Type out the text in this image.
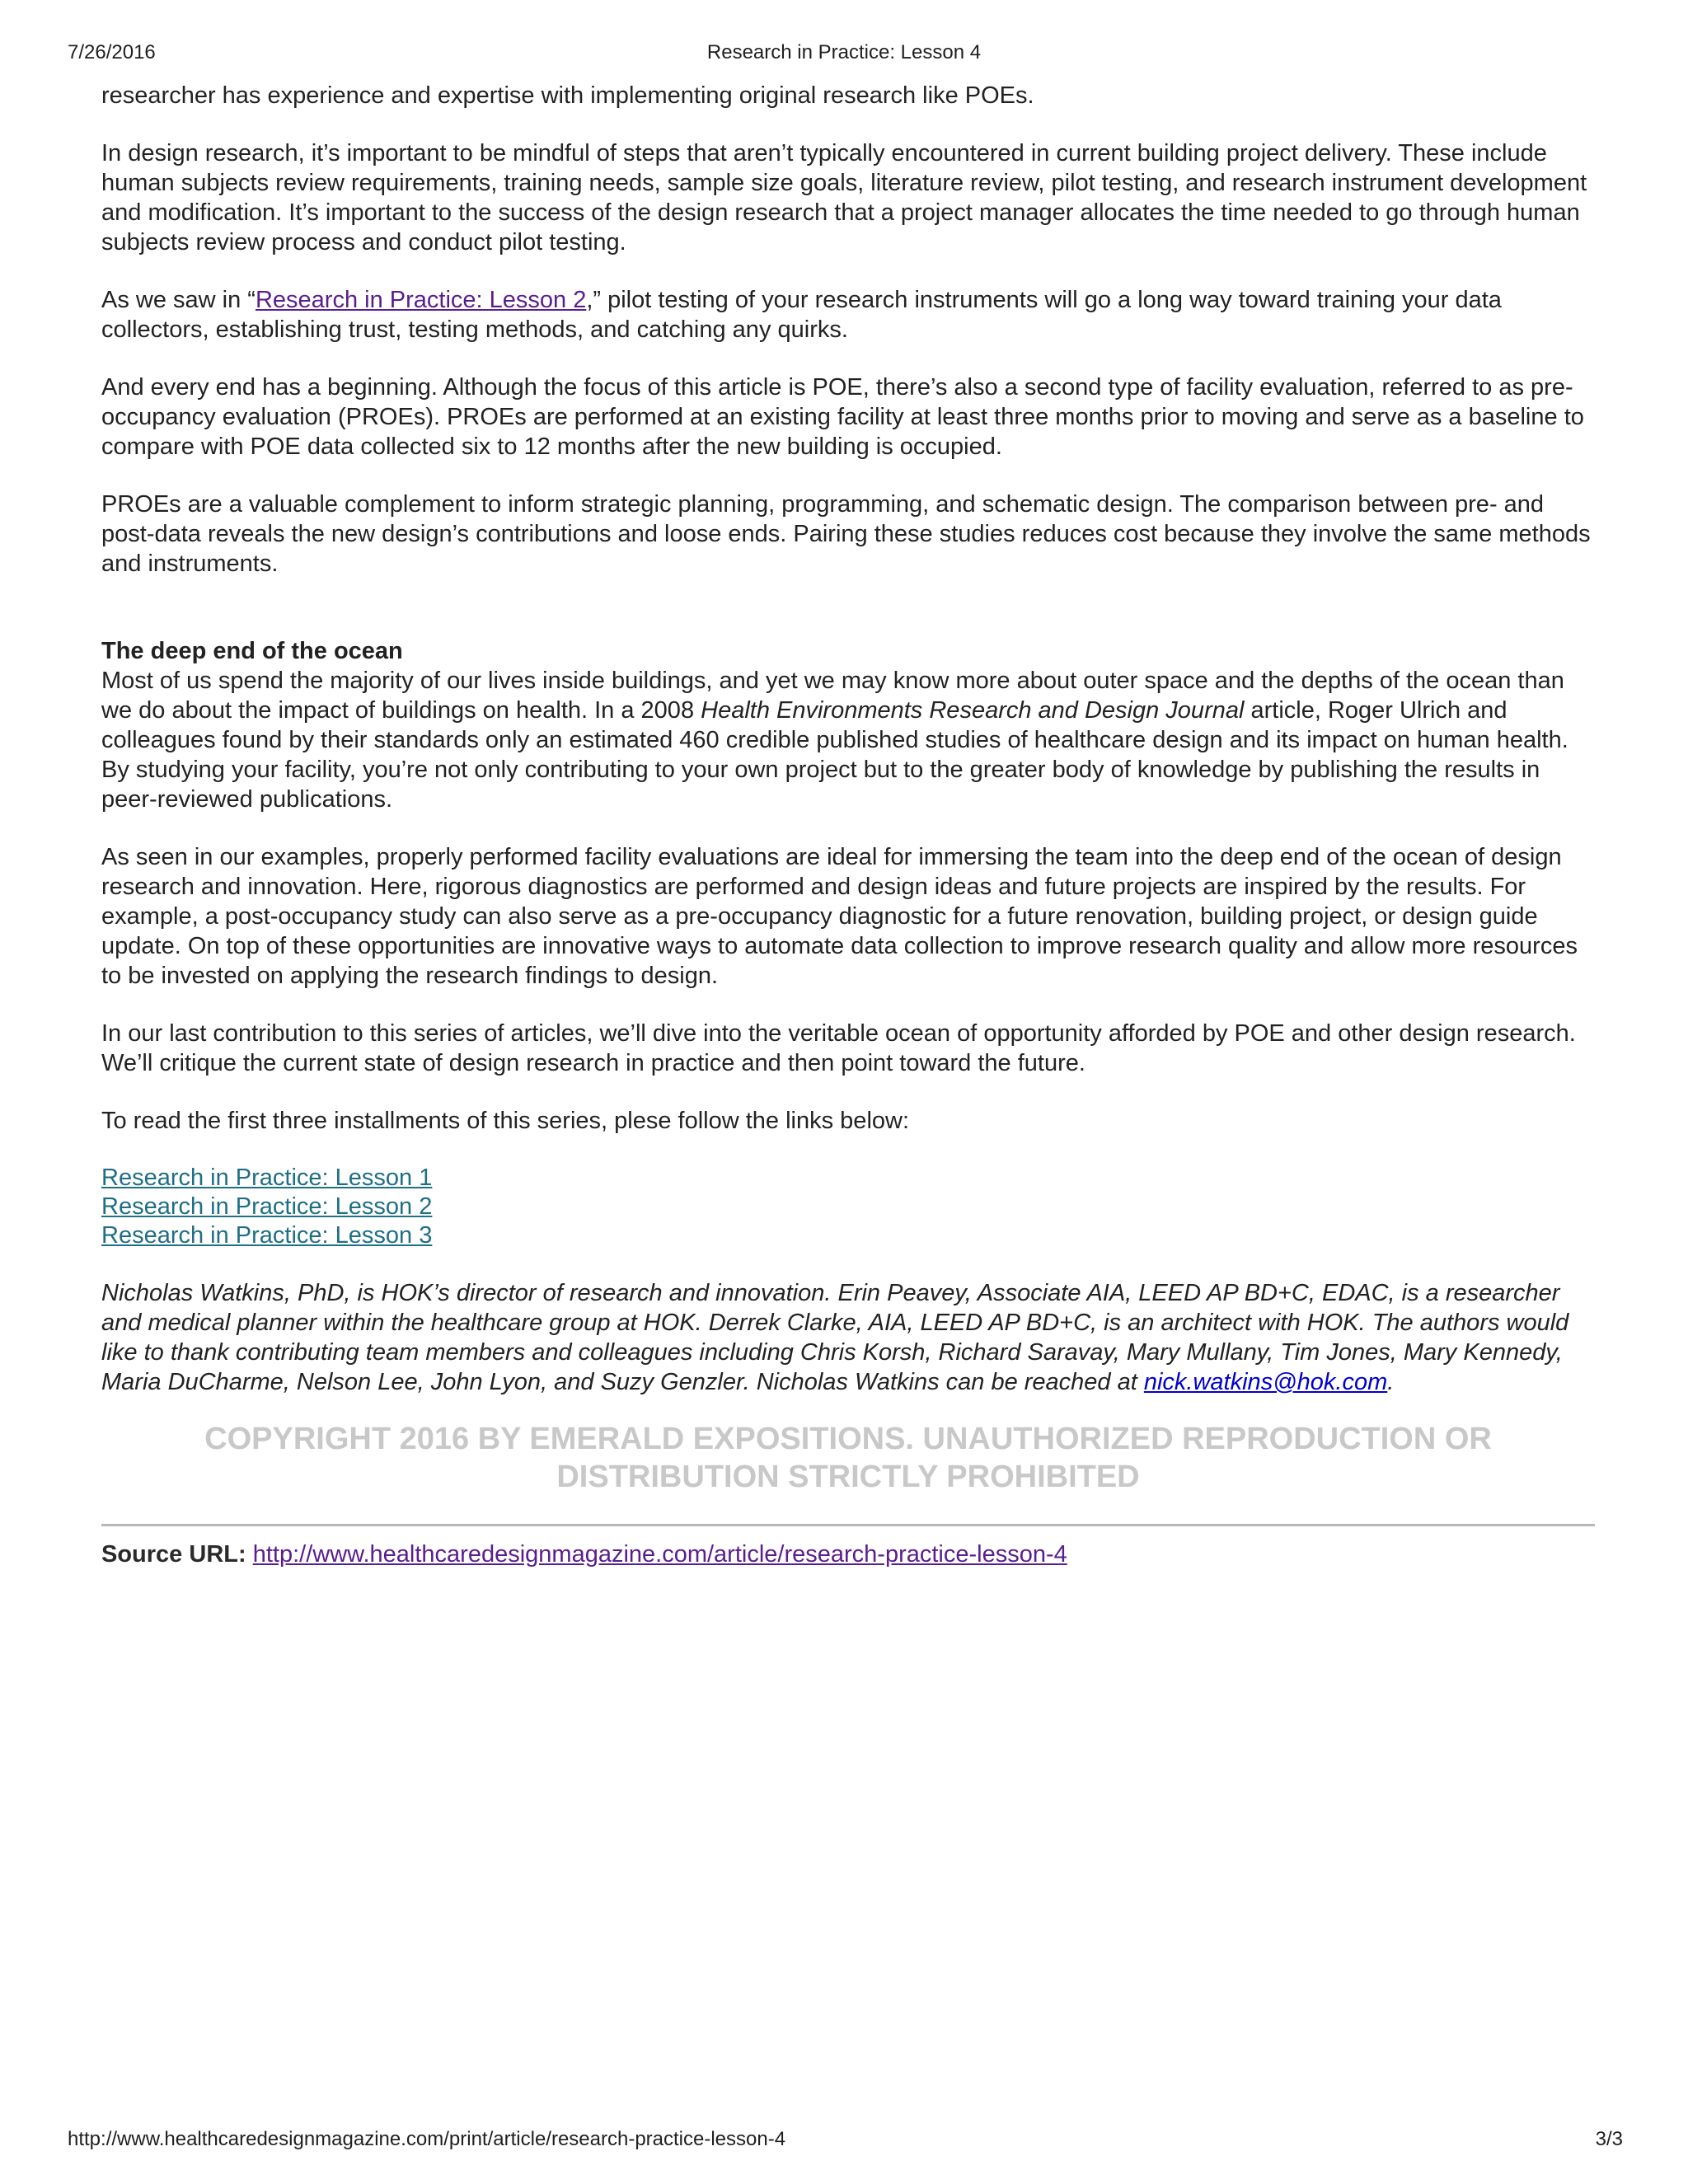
7/26/2016	Research in Practice: Lesson 4

researcher has experience and expertise with implementing original research like POEs.

In design research, it’s important to be mindful of steps that aren’t typically encountered in current building project delivery. These include human subjects review requirements, training needs, sample size goals, literature review, pilot testing, and research instrument development and modification. It’s important to the success of the design research that a project manager allocates the time needed to go through human subjects review process and conduct pilot testing.

As we saw in “Research in Practice: Lesson 2,” pilot testing of your research instruments will go a long way toward training your data collectors, establishing trust, testing methods, and catching any quirks.

And every end has a beginning. Although the focus of this article is POE, there’s also a second type of facility evaluation, referred to as pre-occupancy evaluation (PROEs). PROEs are performed at an existing facility at least three months prior to moving and serve as a baseline to compare with POE data collected six to 12 months after the new building is occupied.

PROEs are a valuable complement to inform strategic planning, programming, and schematic design. The comparison between pre- and post-data reveals the new design’s contributions and loose ends. Pairing these studies reduces cost because they involve the same methods and instruments.

The deep end of the ocean

Most of us spend the majority of our lives inside buildings, and yet we may know more about outer space and the depths of the ocean than we do about the impact of buildings on health. In a 2008 Health Environments Research and Design Journal article, Roger Ulrich and colleagues found by their standards only an estimated 460 credible published studies of healthcare design and its impact on human health. By studying your facility, you’re not only contributing to your own project but to the greater body of knowledge by publishing the results in peer-reviewed publications.

As seen in our examples, properly performed facility evaluations are ideal for immersing the team into the deep end of the ocean of design research and innovation. Here, rigorous diagnostics are performed and design ideas and future projects are inspired by the results. For example, a post-occupancy study can also serve as a pre-occupancy diagnostic for a future renovation, building project, or design guide update. On top of these opportunities are innovative ways to automate data collection to improve research quality and allow more resources to be invested on applying the research findings to design.

In our last contribution to this series of articles, we’ll dive into the veritable ocean of opportunity afforded by POE and other design research. We’ll critique the current state of design research in practice and then point toward the future.

To read the first three installments of this series, plese follow the links below:

Research in Practice: Lesson 1
Research in Practice: Lesson 2
Research in Practice: Lesson 3

Nicholas Watkins, PhD, is HOK’s director of research and innovation. Erin Peavey, Associate AIA, LEED AP BD+C, EDAC, is a researcher and medical planner within the healthcare group at HOK. Derrek Clarke, AIA, LEED AP BD+C, is an architect with HOK. The authors would like to thank contributing team members and colleagues including Chris Korsh, Richard Saravay, Mary Mullany, Tim Jones, Mary Kennedy, Maria DuCharme, Nelson Lee, John Lyon, and Suzy Genzler. Nicholas Watkins can be reached at nick.watkins@hok.com.

COPYRIGHT 2016 BY EMERALD EXPOSITIONS. UNAUTHORIZED REPRODUCTION OR DISTRIBUTION STRICTLY PROHIBITED

Source URL: http://www.healthcaredesignmagazine.com/article/research-practice-lesson-4

http://www.healthcaredesignmagazine.com/print/article/research-practice-lesson-4	3/3
